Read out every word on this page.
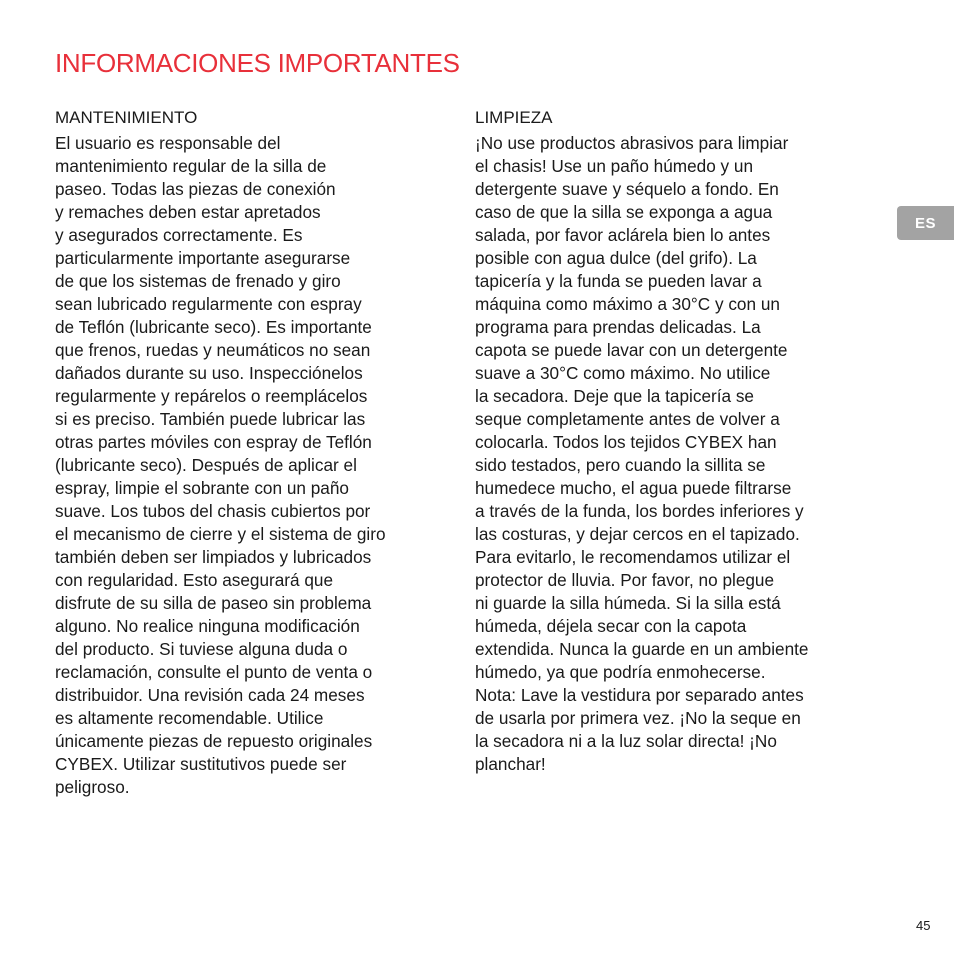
INFORMACIONES IMPORTANTES
MANTENIMIENTO
El usuario es responsable del
mantenimiento regular de la silla de
paseo. Todas las piezas de conexión
y remaches deben estar apretados
y asegurados correctamente. Es
particularmente importante asegurarse
de que los sistemas de frenado y giro
sean lubricado regularmente con espray
de Teflón (lubricante seco). Es importante
que frenos, ruedas y neumáticos no sean
dañados durante su uso. Inspecciónelos
regularmente y repárelos o reemplácelos
si es preciso. También puede lubricar las
otras partes móviles con espray de Teflón
(lubricante seco). Después de aplicar el
espray, limpie el sobrante con un paño
suave. Los tubos del chasis cubiertos por
el mecanismo de cierre y el sistema de giro
también deben ser limpiados y lubricados
con regularidad. Esto asegurará que
disfrute de su silla de paseo sin problema
alguno. No realice ninguna modificación
del producto. Si tuviese alguna duda o
reclamación, consulte el punto de venta o
distribuidor. Una revisión cada 24 meses
es altamente recomendable. Utilice
únicamente piezas de repuesto originales
CYBEX. Utilizar sustitutivos puede ser
peligroso.
LIMPIEZA
¡No use productos abrasivos para limpiar
el chasis! Use un paño húmedo y un
detergente suave y séquelo a fondo. En
caso de que la silla se exponga a agua
salada, por favor aclárela bien lo antes
posible con agua dulce (del grifo). La
tapicería y la funda se pueden lavar a
máquina como máximo a 30°C y con un
programa para prendas delicadas. La
capota se puede lavar con un detergente
suave a 30°C como máximo. No utilice
la secadora. Deje que la tapicería se
seque completamente antes de volver a
colocarla. Todos los tejidos CYBEX han
sido testados, pero cuando la sillita se
humedece mucho, el agua puede filtrarse
a través de la funda, los bordes inferiores y
las costuras, y dejar cercos en el tapizado.
Para evitarlo, le recomendamos utilizar el
protector de lluvia. Por favor, no plegue
ni guarde la silla húmeda. Si la silla está
húmeda, déjela secar con la capota
extendida. Nunca la guarde en un ambiente
húmedo, ya que podría enmohecerse.
Nota: Lave la vestidura por separado antes
de usarla por primera vez. ¡No la seque en
la secadora ni a la luz solar directa! ¡No
planchar!
ES
45
